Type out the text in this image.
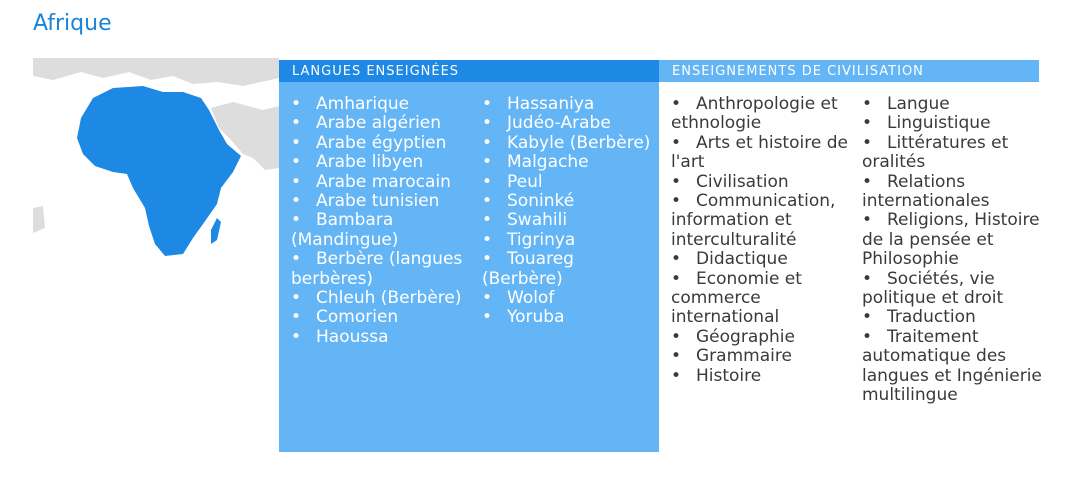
Afrique
LANGUES ENSEIGNÉES	ENSEIGNEMENTS DE CIVILISATION
• Amharique
• Arabe algérien
• Arabe égyptien
• Arabe libyen
• Arabe marocain
• Arabe tunisien
• Bambara (Mandingue)
• Berbère (langues berbères)
• Chleuh (Berbère)
• Comorien
• Haoussa
• Hassaniya
• Judéo-Arabe
• Kabyle (Berbère)
• Malgache
• Peul
• Soninké
• Swahili
• Tigrinya
• Touareg (Berbère)
• Wolof
• Yoruba
• Anthropologie et ethnologie
• Arts et histoire de l'art
• Civilisation
• Communication, information et interculturalité
• Didactique
• Economie et commerce international
• Géographie
• Grammaire
• Histoire
• Langue
• Linguistique
• Littératures et oralités
• Relations internationales
• Religions, Histoire de la pensée et Philosophie
• Sociétés, vie politique et droit
• Traduction
• Traitement automatique des langues et Ingénierie multilingue
